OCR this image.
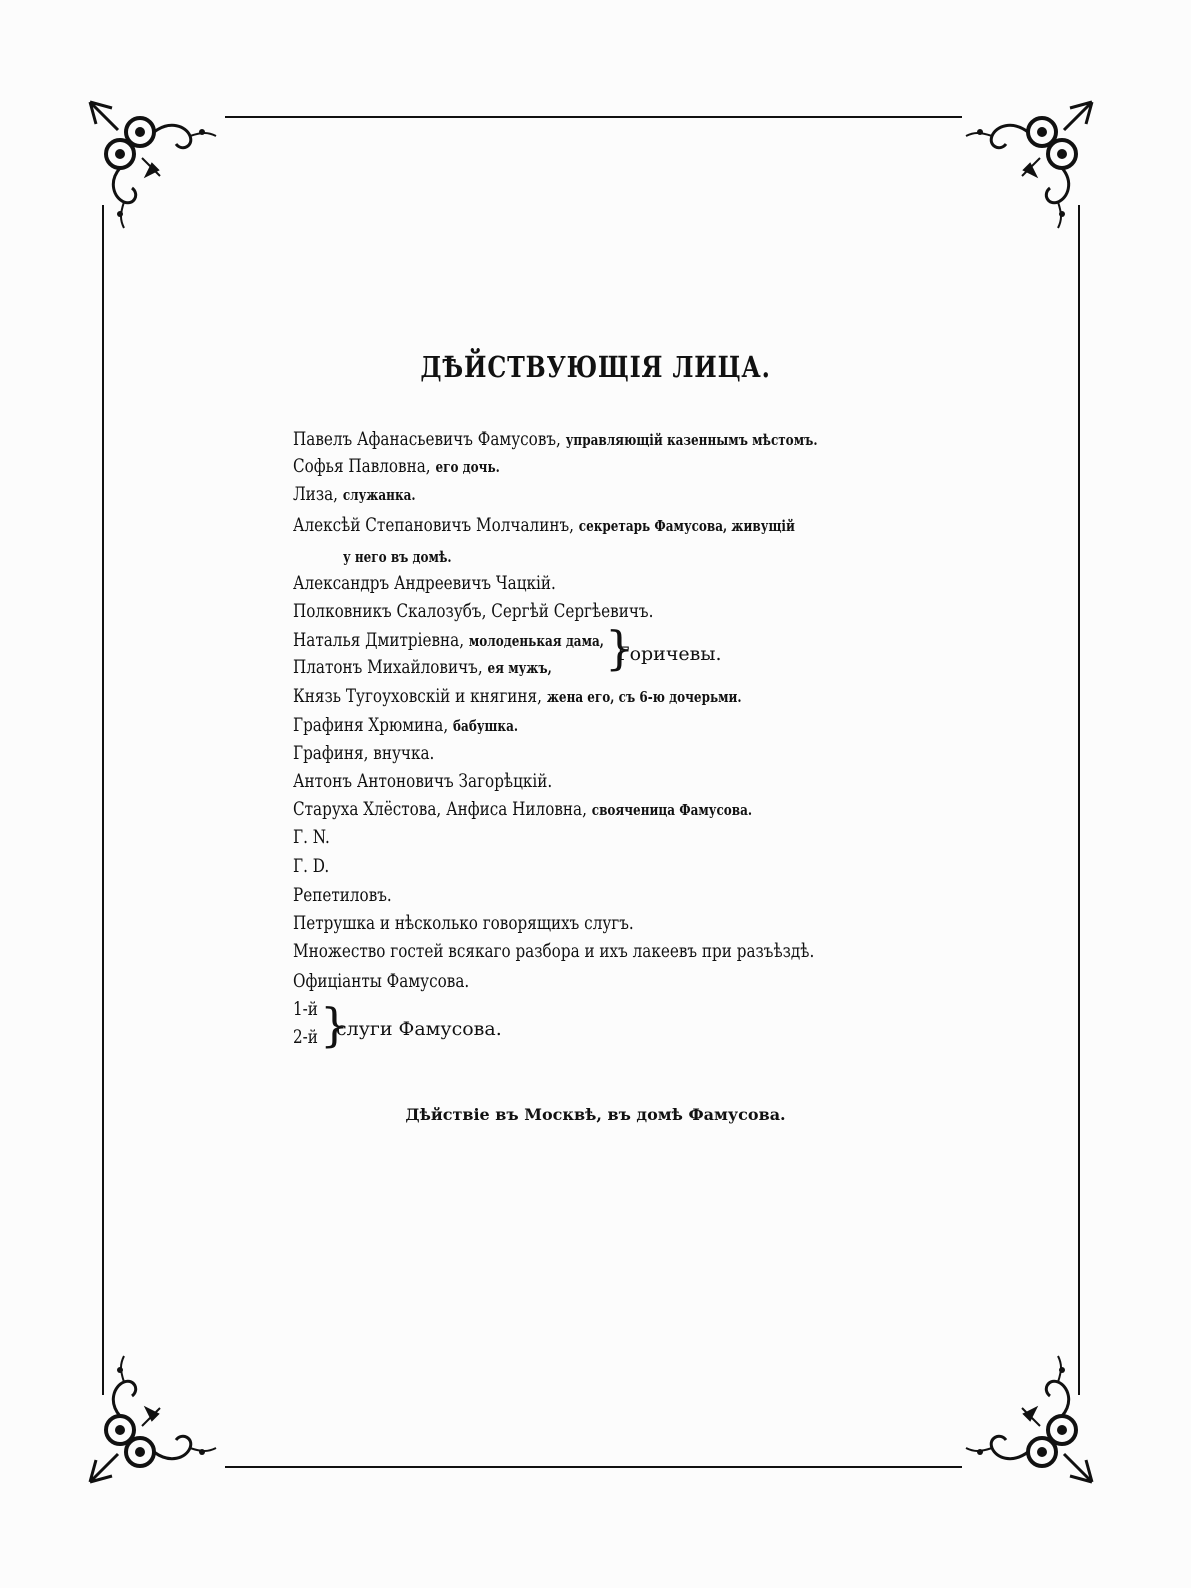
ДѢЙСТВУЮЩІЯ ЛИЦА.
Павелъ Афанасьевичъ Фамусовъ, управляющій казеннымъ мѣстомъ.
Софья Павловна, его дочь.
Лиза, служанка.
Алексѣй Степановичъ Молчалинъ, секретарь Фамусова, живущій
у него въ домѣ.
Александръ Андреевичъ Чацкій.
Полковникъ Скалозубъ, Сергѣй Сергѣевичъ.
Наталья Дмитріевна, молоденькая дама,
Платонъ Михайловичъ, ея мужъ,
Князь Тугоуховскій и княгиня, жена его, съ 6-ю дочерьми.
Графиня Хрюмина, бабушка.
Графиня, внучка.
Антонъ Антоновичъ Загорѣцкій.
Старуха Хлёстова, Анфиса Ниловна, свояченица Фамусова.
Г. N.
Г. D.
Репетиловъ.
Петрушка и нѣсколько говорящихъ слугъ.
Множество гостей всякаго разбора и ихъ лакеевъ при разъѣздѣ.
Офиціанты Фамусова.
1-й
2-й
}
Горичевы.
}
слуги Фамусова.
Дѣйствіе въ Москвѣ, въ домѣ Фамусова.
